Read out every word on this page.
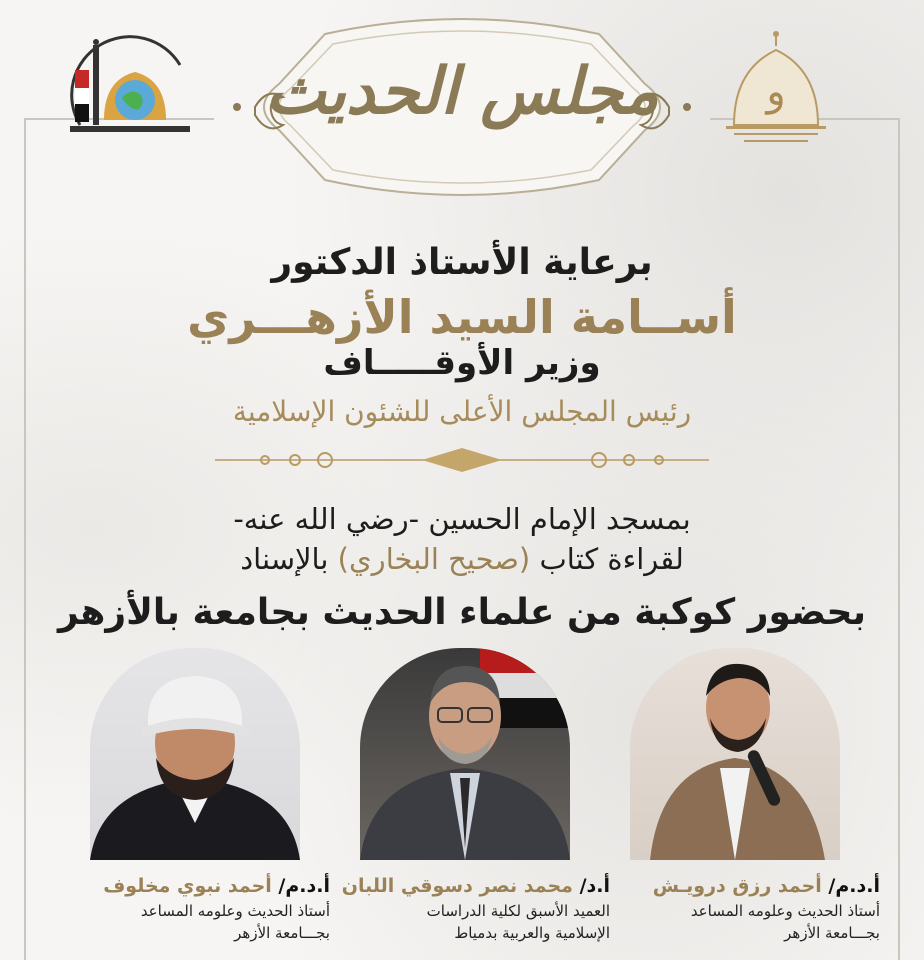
و
مجلس الحديث
برعاية الأستاذ الدكتور
أســامة السيد الأزهـــري
وزير الأوقـــــاف
رئيس المجلس الأعلى للشئون الإسلامية
بمسجد الإمام الحسين -رضي الله عنه-
لقراءة كتاب (صحيح البخاري) بالإسناد
بحضور كوكبة من علماء الحديث بجامعة بالأزهر
أ.د.م/ أحمد رزق درويـش
أستاذ الحديث وعلومه المساعد
بجـــامعة الأزهر
أ.د/ محمد نصر دسوقي اللبان
العميد الأسبق لكلية الدراسات
الإسلامية والعربية بدمياط
أ.د.م/ أحمد نبوي مخلوف
أستاذ الحديث وعلومه المساعد
بجـــامعة الأزهر
